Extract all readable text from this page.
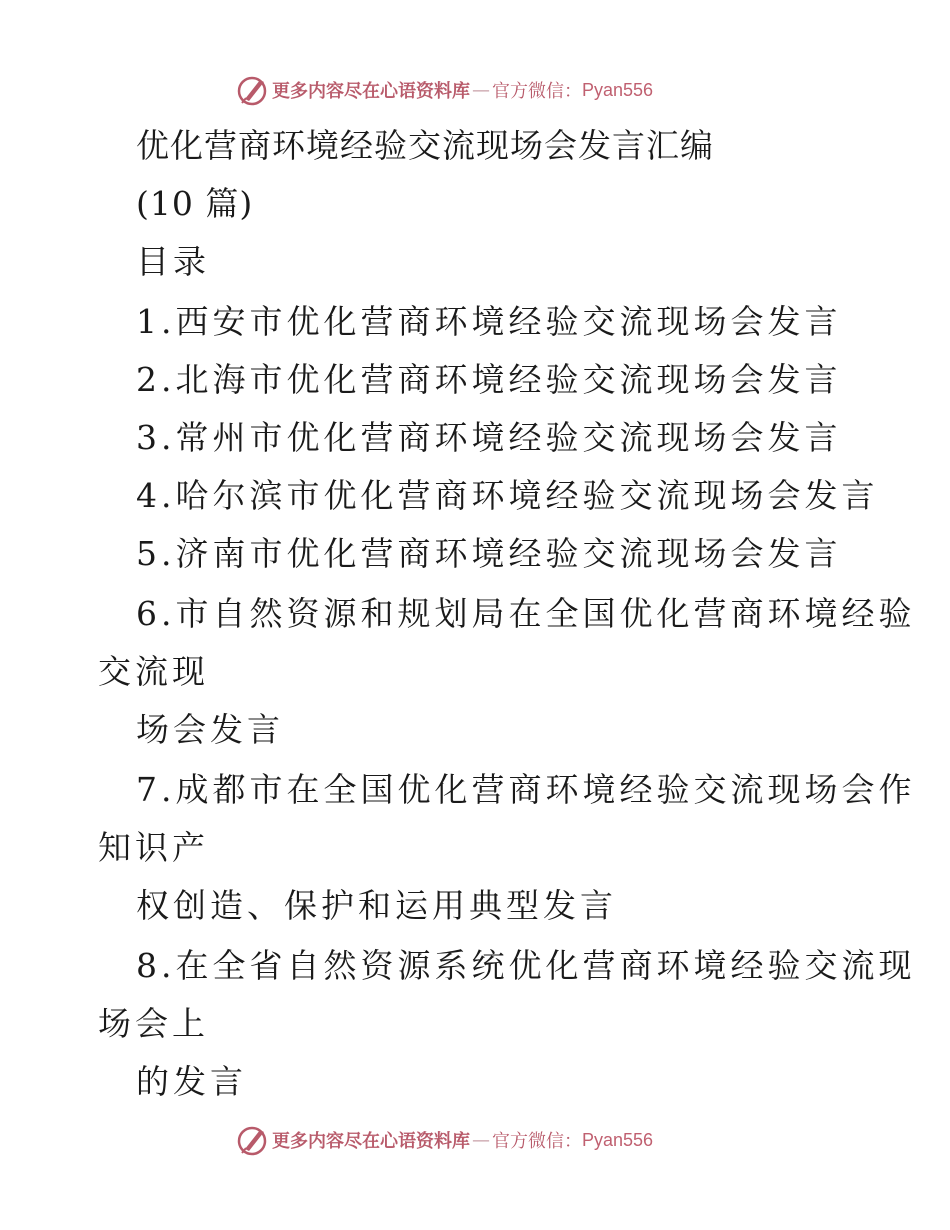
更多内容尽在心语资料库 — 官方微信： Pyan556
优化营商环境经验交流现场会发言汇编
(10 篇)
目录
1.西安市优化营商环境经验交流现场会发言
2.北海市优化营商环境经验交流现场会发言
3.常州市优化营商环境经验交流现场会发言
4.哈尔滨市优化营商环境经验交流现场会发言
5.济南市优化营商环境经验交流现场会发言
6.市自然资源和规划局在全国优化营商环境经验
交流现
场会发言
7.成都市在全国优化营商环境经验交流现场会作
知识产
权创造、保护和运用典型发言
8.在全省自然资源系统优化营商环境经验交流现
场会上
的发言
更多内容尽在心语资料库 — 官方微信： Pyan556
